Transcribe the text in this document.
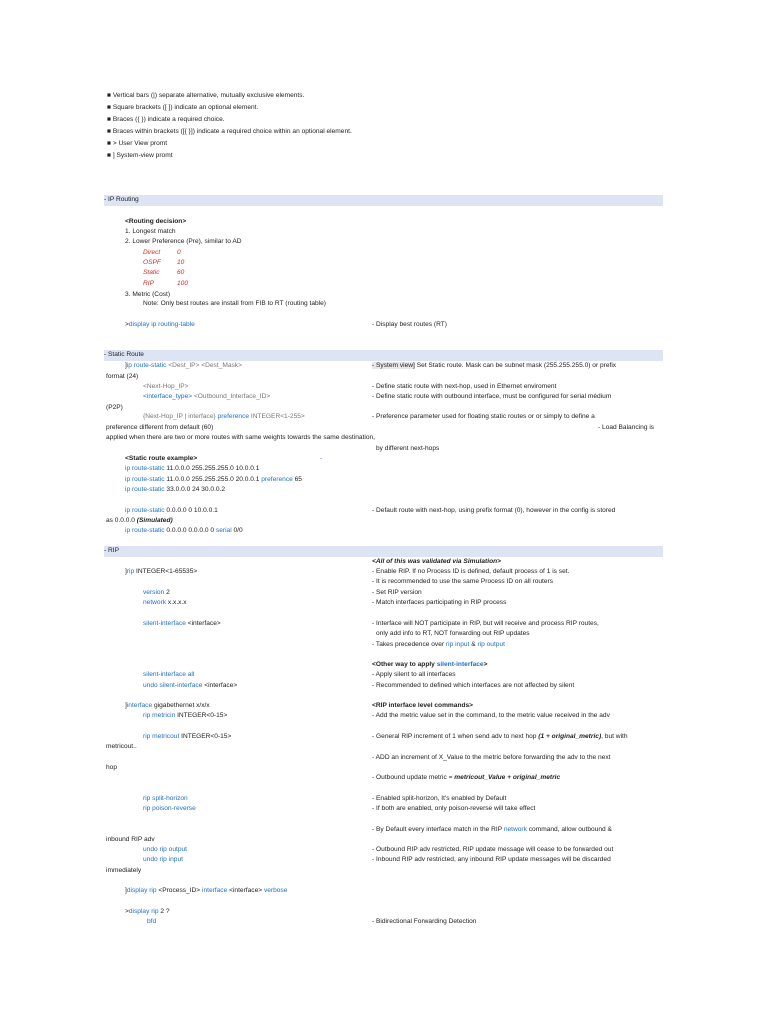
■ Vertical bars (|) separate alternative, mutually exclusive elements.
■ Square brackets ([ ]) indicate an optional element.
■ Braces ({ }) indicate a required choice.
■ Braces within brackets ([{ }]) indicate a required choice within an optional element.
■ > User View promt
■ ] System-view promt
- IP Routing
<Routing decision>
1. Longest match
2. Lower Preference (Pre), similar to AD
Direct	0
OSPF 10
Static	60
RIP	100
3. Metric (Cost)
Note: Only best routes are install from FIB to RT (routing table)
>display ip routing-table	- Display best routes (RT)
- Static Route
]ip route-static <Dest_IP> <Dest_Mask>	- System view] Set Static route. Mask can be subnet mask (255.255.255.0) or prefix
format (24)
<Next-Hop_IP>	- Define static route with next-hop, used in Ethernet enviroment
<interface_type> <Outbound_Interface_ID>	- Define static route with outbound interface, must be configured for serial médium
(P2P)
{Next-Hop_IP | interface} preference INTEGER<1-255>	- Preference parameter used for floating static routes or or simply to define a
preference different from default (60)	- Load Balancing is
applied when there are two or more routes with same weights towards the same destination,
by different next-hops
<Static route example>	-
ip route-static 11.0.0.0 255.255.255.0 10.0.0.1
ip route-static 11.0.0.0 255.255.255.0 20.0.0.1 preference 65
ip route-static 33.0.0.0 24 30.0.0.2
ip route-static 0.0.0.0 0 10.0.0.1	- Default route with next-hop, using prefix format (0), however in the config is stored
as 0.0.0.0 (Simulated)
ip route-static 0.0.0.0 0.0.0.0 0 serial 0/0
- RIP
<All of this was validated via Simulation>
]rip INTEGER<1-65535>	- Enable RIP. If no Process ID is defined, default process of 1 is set.
- It is recommended to use the same Process ID on all routers
version 2	- Set RIP version
network x.x.x.x	- Match interfaces participating in RIP process
silent-interface <interface>	- Interface will NOT participate in RIP, but will receive and process RIP routes,
only add info to RT, NOT forwarding out RIP updates
- Takes precedence over rip input & rip output
<Other way to apply silent-interface>
silent-interface all	- Apply silent to all interfaces
undo silent-interface <interface>	- Recommended to defined which interfaces are not affected by silent
]interface gigabethernet x/x/x	<RIP interface level commands>
rip metricin INTEGER<0-15>	- Add the metric value set in the command, to the metric value received in the adv
rip metricout INTEGER<0-15>	- General RIP increment of 1 when send adv to next hop (1 + original_metric), but with
metricout..
- ADD an increment of X_Value to the metric before forwarding the adv to the next
hop
- Outbound update metric = metricout_Value + original_metric
rip split-horizon	- Enabled split-horizon, It's enabled by Default
rip poison-reverse	- If both are enabled, only poison-reverse will take effect
- By Default every interface match in the RIP network command, allow outbound &
inbound RIP adv
undo rip output	- Outbound RIP adv restricted, RIP update message will cease to be forwarded out
undo rip input	- Inbound RIP adv restricted, any inbound RIP update messages will be discarded
immediately
]display rip <Process_ID> interface <interface> verbose
>display rip 2 ?
bfd	- Bidirectional Forwarding Detection
